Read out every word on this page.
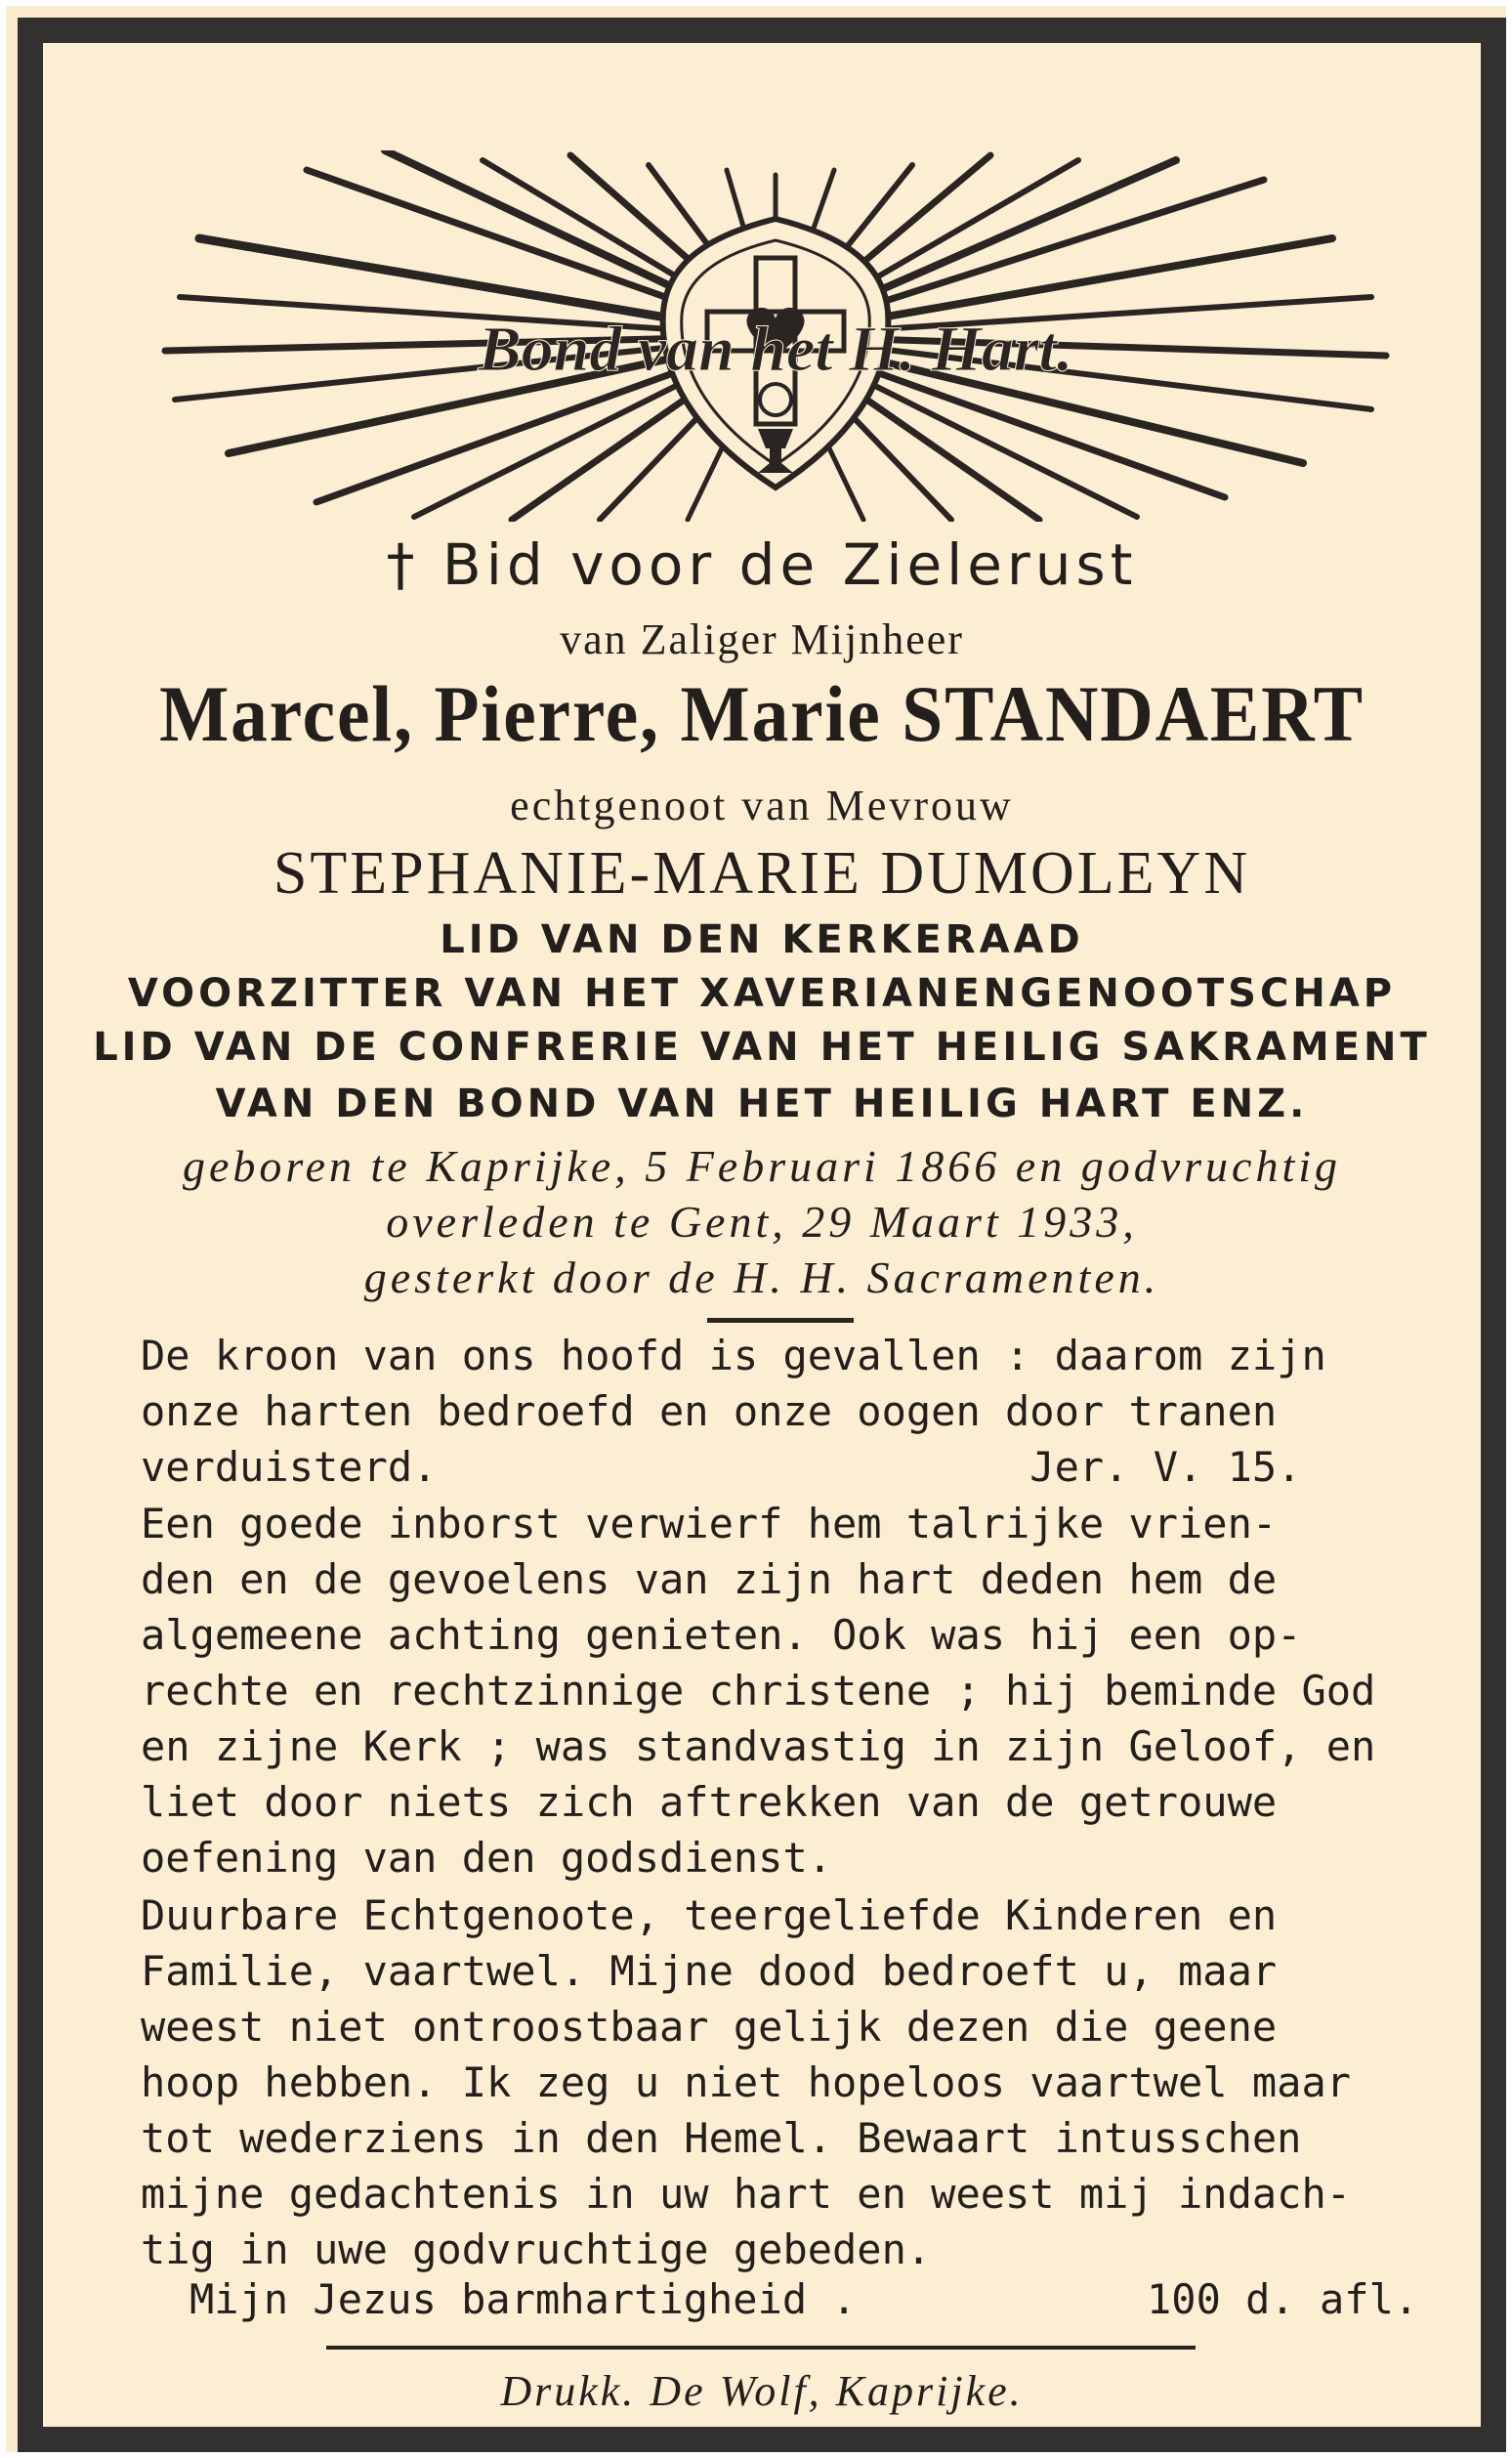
Bond van het H. Hart.
† Bid voor de Zielerust
van Zaliger Mijnheer
Marcel, Pierre, Marie STANDAERT
echtgenoot van Mevrouw
STEPHANIE-MARIE DUMOLEYN
LID VAN DEN KERKERAAD
VOORZITTER VAN HET XAVERIANENGENOOTSCHAP
LID VAN DE CONFRERIE VAN HET HEILIG SAKRAMENT
VAN DEN BOND VAN HET HEILIG HART ENZ.
geboren te Kaprijke, 5 Februari 1866 en godvruchtig
overleden te Gent, 29 Maart 1933,
gesterkt door de H. H. Sacramenten.
De kroon van ons hoofd is gevallen : daarom zijn
onze harten bedroefd en onze oogen door tranen
verduisterd.                        Jer. V. 15.
Een goede inborst verwierf hem talrijke vrien-
den en de gevoelens van zijn hart deden hem de
algemeene achting genieten. Ook was hij een op-
rechte en rechtzinnige christene ; hij beminde God
en zijne Kerk ; was standvastig in zijn Geloof, en
liet door niets zich aftrekken van de getrouwe
oefening van den godsdienst.
Duurbare Echtgenoote, teergeliefde Kinderen en
Familie, vaartwel. Mijne dood bedroeft u, maar
weest niet ontroostbaar gelijk dezen die geene
hoop hebben. Ik zeg u niet hopeloos vaartwel maar
tot wederziens in den Hemel. Bewaart intusschen
mijne gedachtenis in uw hart en weest mij indach-
tig in uwe godvruchtige gebeden.
Mijn Jezus barmhartigheid .	100 d. afl.
Drukk. De Wolf, Kaprijke.
